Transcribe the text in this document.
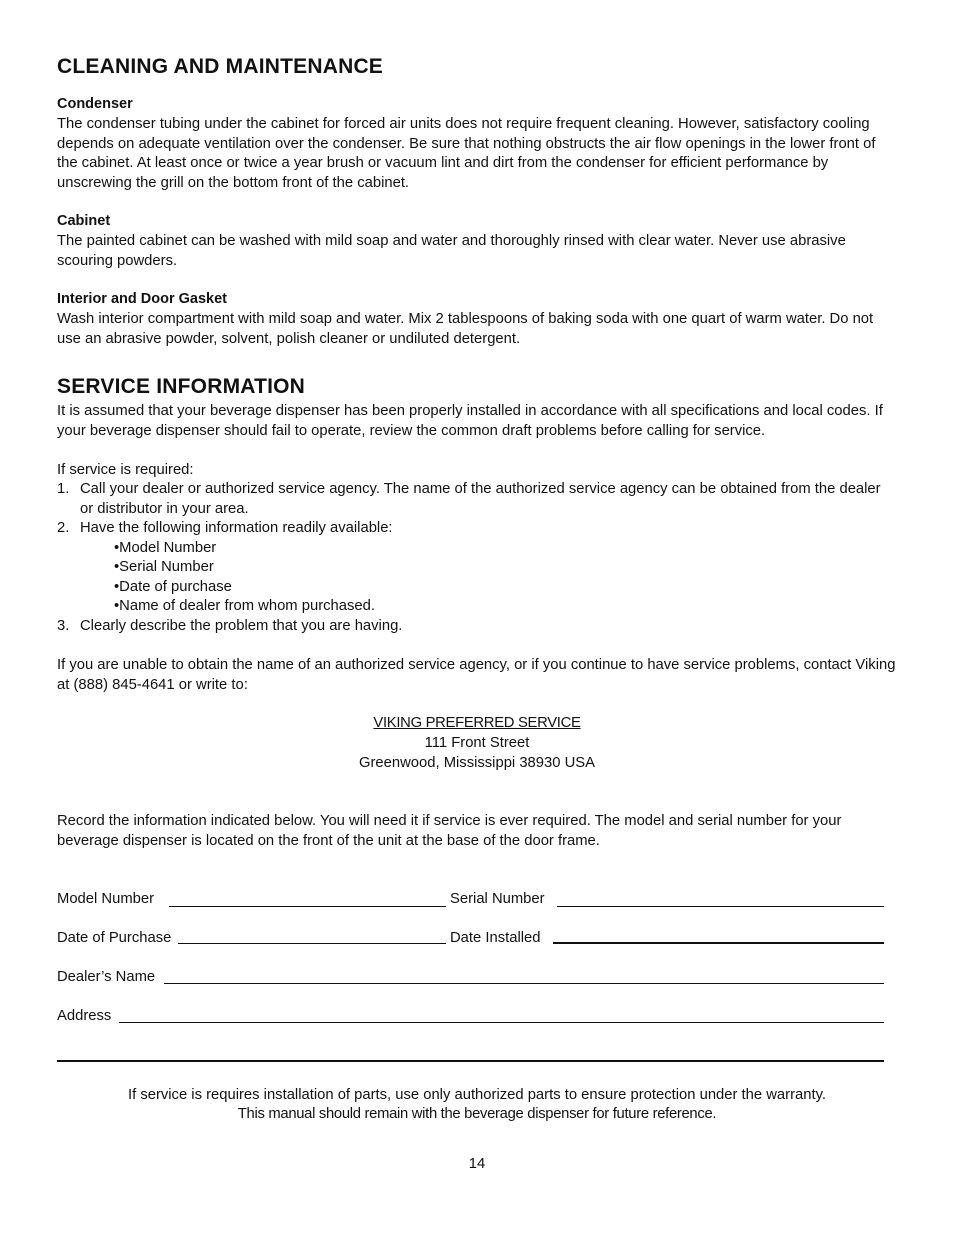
CLEANING AND MAINTENANCE
Condenser
The condenser tubing under the cabinet for forced air units does not require frequent cleaning. However, satisfactory cooling depends on adequate ventilation over the condenser. Be sure that nothing obstructs the air flow openings in the lower front of the cabinet. At least once or twice a year brush or vacuum lint and dirt from the condenser for efficient performance by unscrewing the grill on the bottom front of the cabinet.
Cabinet
The painted cabinet can be washed with mild soap and water and thoroughly rinsed with clear water. Never use abrasive scouring powders.
Interior and Door Gasket
Wash interior compartment with mild soap and water. Mix 2 tablespoons of baking soda with one quart of warm water. Do not use an abrasive powder, solvent, polish cleaner or undiluted detergent.
SERVICE INFORMATION
It is assumed that your beverage dispenser has been properly installed in accordance with all specifications and local codes. If your beverage dispenser should fail to operate, review the common draft problems before calling for service.
If service is required:
1. Call your dealer or authorized service agency. The name of the authorized service agency can be obtained from the dealer or distributor in your area.
2. Have the following information readily available:
•Model Number
•Serial Number
•Date of purchase
•Name of dealer from whom purchased.
3. Clearly describe the problem that you are having.
If you are unable to obtain the name of an authorized service agency, or if you continue to have service problems, contact Viking at (888) 845-4641 or write to:
VIKING PREFERRED SERVICE
111 Front Street
Greenwood, Mississippi 38930 USA
Record the information indicated below. You will need it if service is ever required. The model and serial number for your beverage dispenser is located on the front of the unit at the base of the door frame.
Model Number	Serial Number
Date of Purchase	Date Installed
Dealer’s Name
Address
If service is requires installation of parts, use only authorized parts to ensure protection under the warranty.
This manual should remain with the beverage dispenser for future reference.
14
